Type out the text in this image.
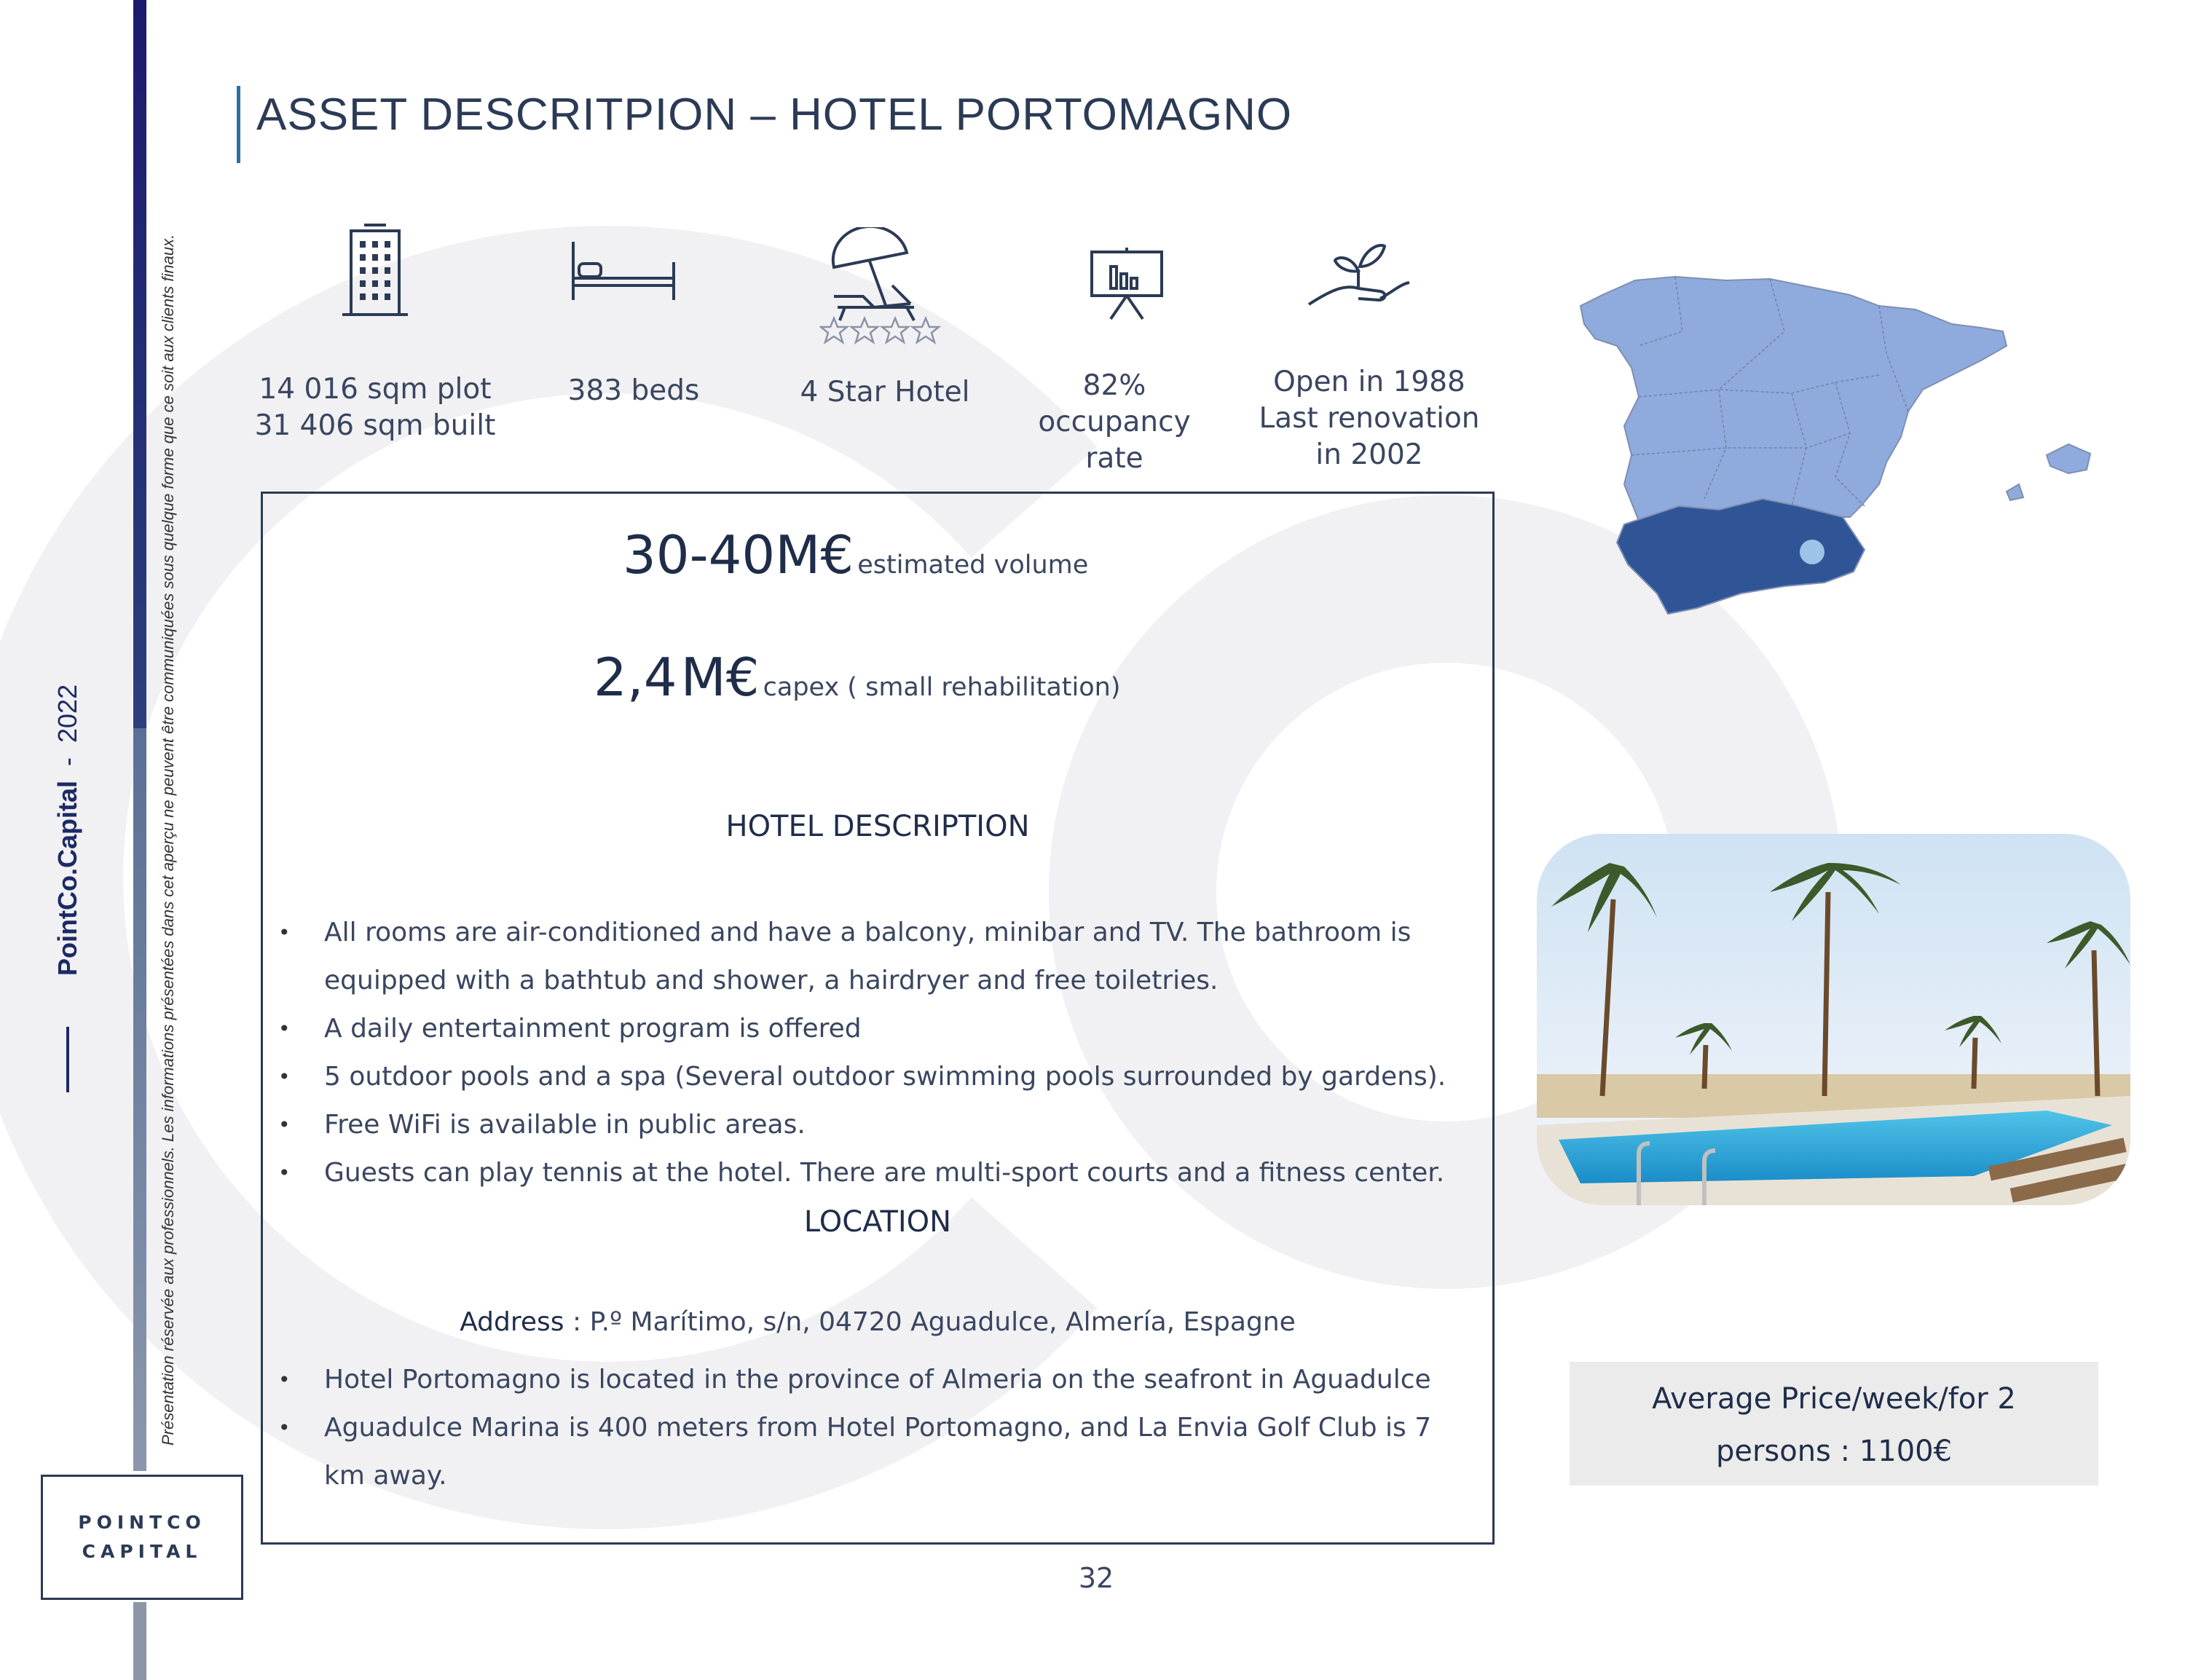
PointCo.Capital
-
2022	Présentation réservée aux professionnels. Les informations présentées dans cet aperçu ne peuvent être communiquées sous quelque forme que ce soit aux clients finaux.
POINTCO
CAPITAL
ASSET DESCRITPION – HOTEL PORTOMAGNO
14 016 sqm plot
31 406 sqm built
383 beds	4 Star Hotel	82%
occupancy
rate
Open in 1988
Last renovation
in 2002
30-40M€ estimated volume
2,4 M€ capex ( small rehabilitation)
HOTEL DESCRIPTION
• All rooms are air-conditioned and have a balcony, minibar and TV. The bathroom is
equipped with a bathtub and shower, a hairdryer and free toiletries.
• A daily entertainment program is offered
• 5 outdoor pools and a spa (Several outdoor swimming pools surrounded by gardens).
• Free WiFi is available in public areas.
• Guests can play tennis at the hotel. There are multi-sport courts and a fitness center.
LOCATION
Address : P.º Marítimo, s/n, 04720 Aguadulce, Almería, Espagne
• Hotel Portomagno is located in the province of Almeria on the seafront in Aguadulce
• Aguadulce Marina is 400 meters from Hotel Portomagno, and La Envia Golf Club is 7
km away.
Average Price/week/for 2
persons : 1100€
32
